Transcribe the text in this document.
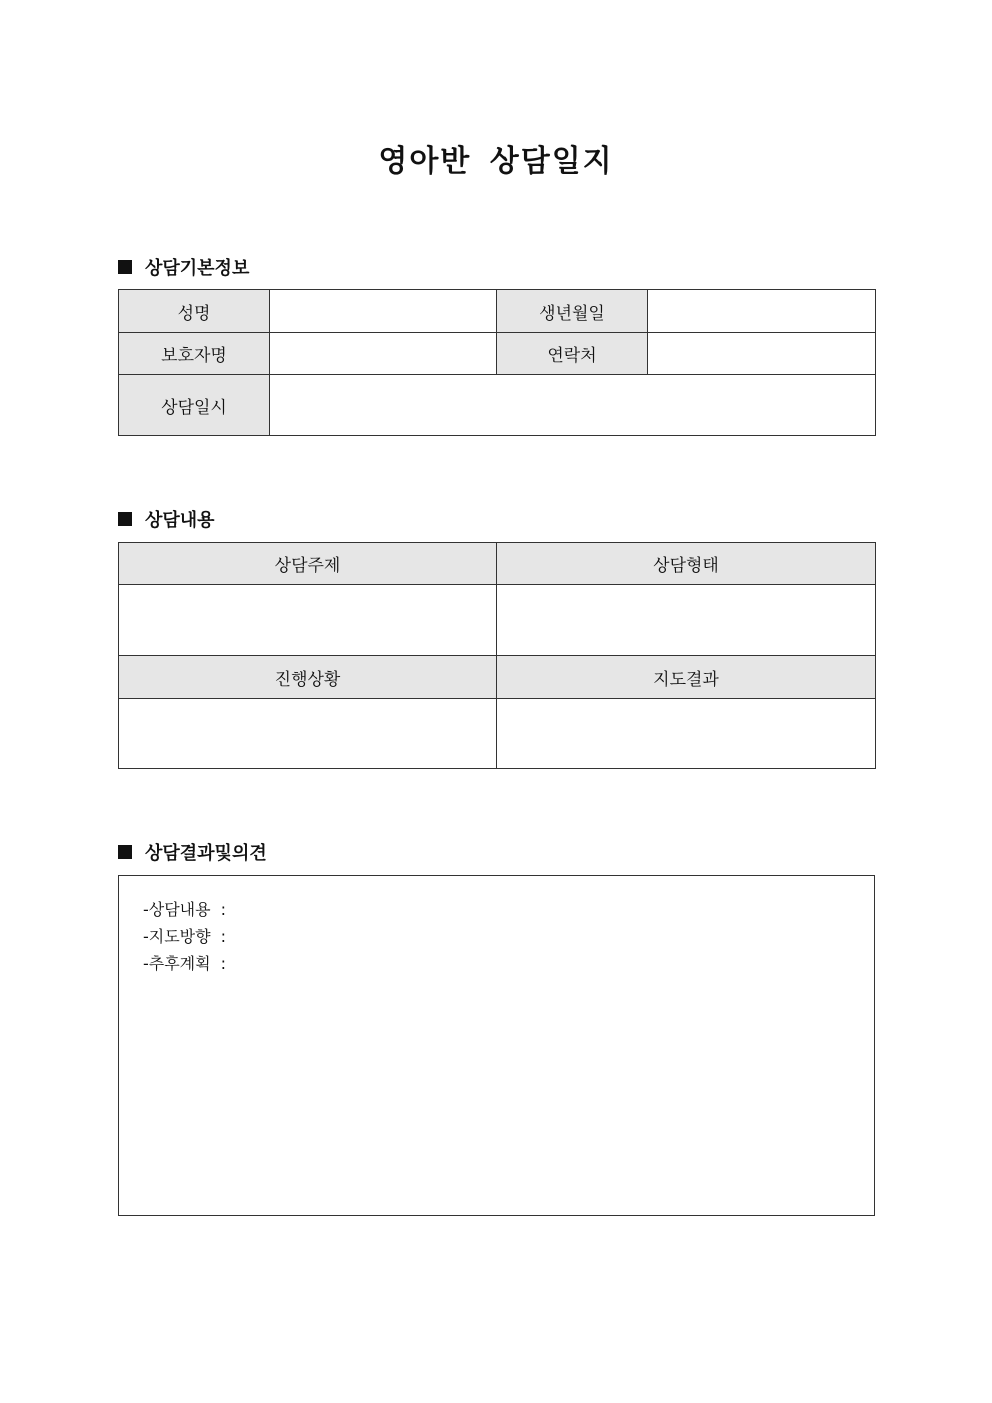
영아반 상담일지
상담기본정보
성명		생년월일	
보호자명		연락처	
상담일시			
상담내용
상담주제	상담형태

진행상황	지도결과

상담결과및의견
-상담내용 :
-지도방향 :
-추후계획 :
